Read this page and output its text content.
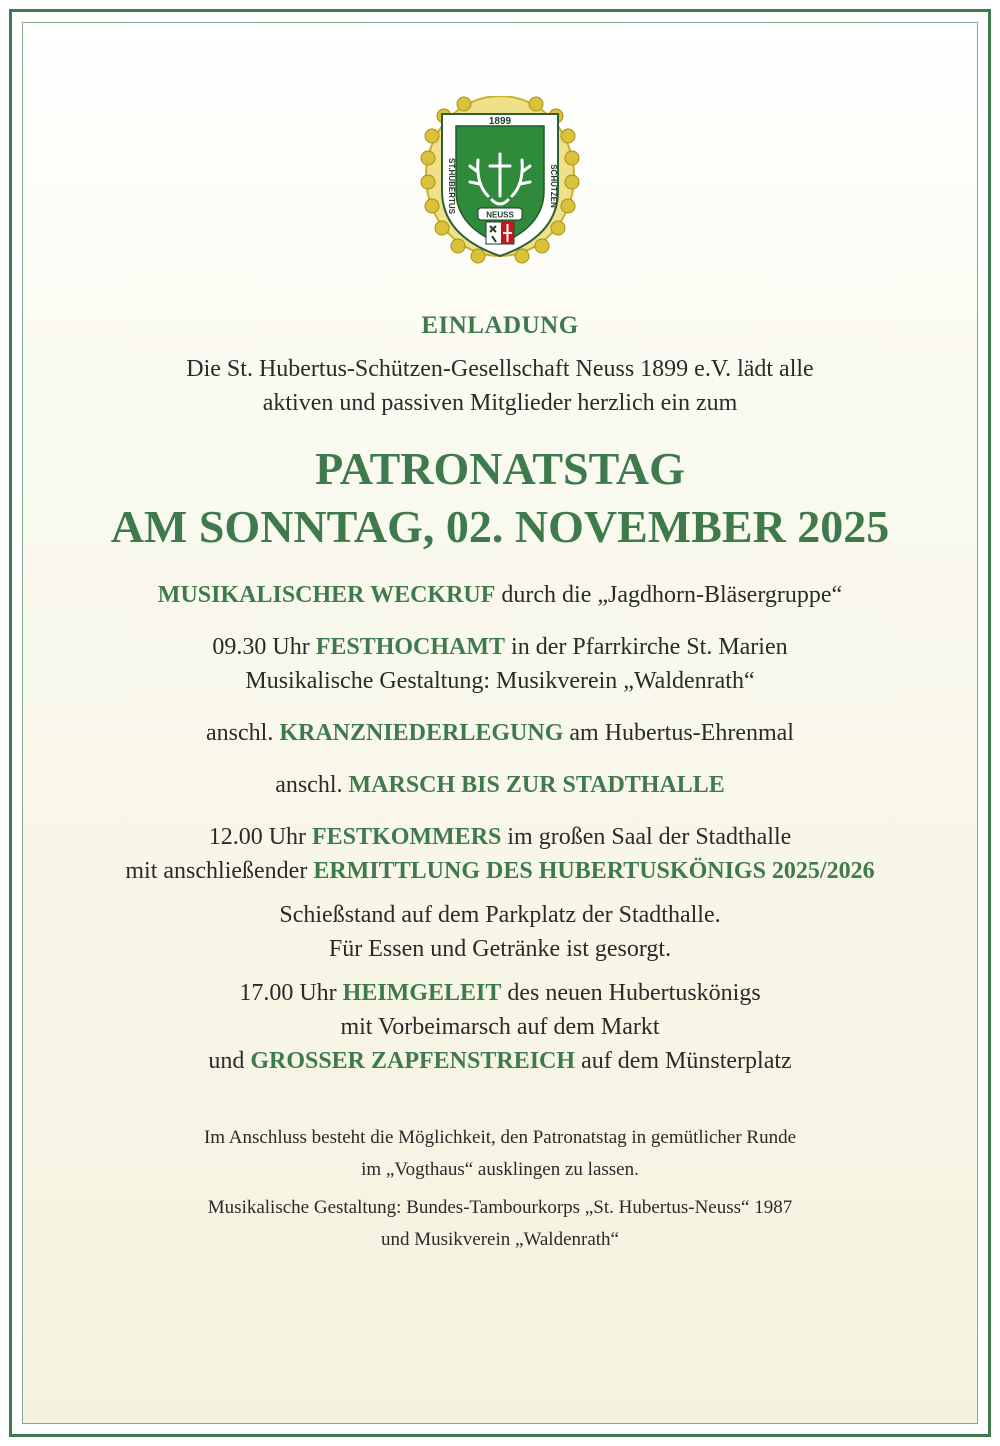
1899
ST.HUBERTUS	SCHÜTZEN
NEUSS

EINLADUNG

Die St. Hubertus-Schützen-Gesellschaft Neuss 1899 e.V. lädt alle
aktiven und passiven Mitglieder herzlich ein zum

PATRONATSTAG
AM SONNTAG, 02. NOVEMBER 2025

MUSIKALISCHER WECKRUF durch die „Jagdhorn-Bläsergruppe“

09.30 Uhr FESTHOCHAMT in der Pfarrkirche St. Marien
Musikalische Gestaltung: Musikverein „Waldenrath“

anschl. KRANZNIEDERLEGUNG am Hubertus-Ehrenmal

anschl. MARSCH BIS ZUR STADTHALLE

12.00 Uhr FESTKOMMERS im großen Saal der Stadthalle
mit anschließender ERMITTLUNG DES HUBERTUSKÖNIGS 2025/2026

Schießstand auf dem Parkplatz der Stadthalle.
Für Essen und Getränke ist gesorgt.

17.00 Uhr HEIMGELEIT des neuen Hubertuskönigs
mit Vorbeimarsch auf dem Markt
und GROSSER ZAPFENSTREICH auf dem Münsterplatz

Im Anschluss besteht die Möglichkeit, den Patronatstag in gemütlicher Runde
im „Vogthaus“ ausklingen zu lassen.

Musikalische Gestaltung: Bundes-Tambourkorps „St. Hubertus-Neuss“ 1987
und Musikverein „Waldenrath“
